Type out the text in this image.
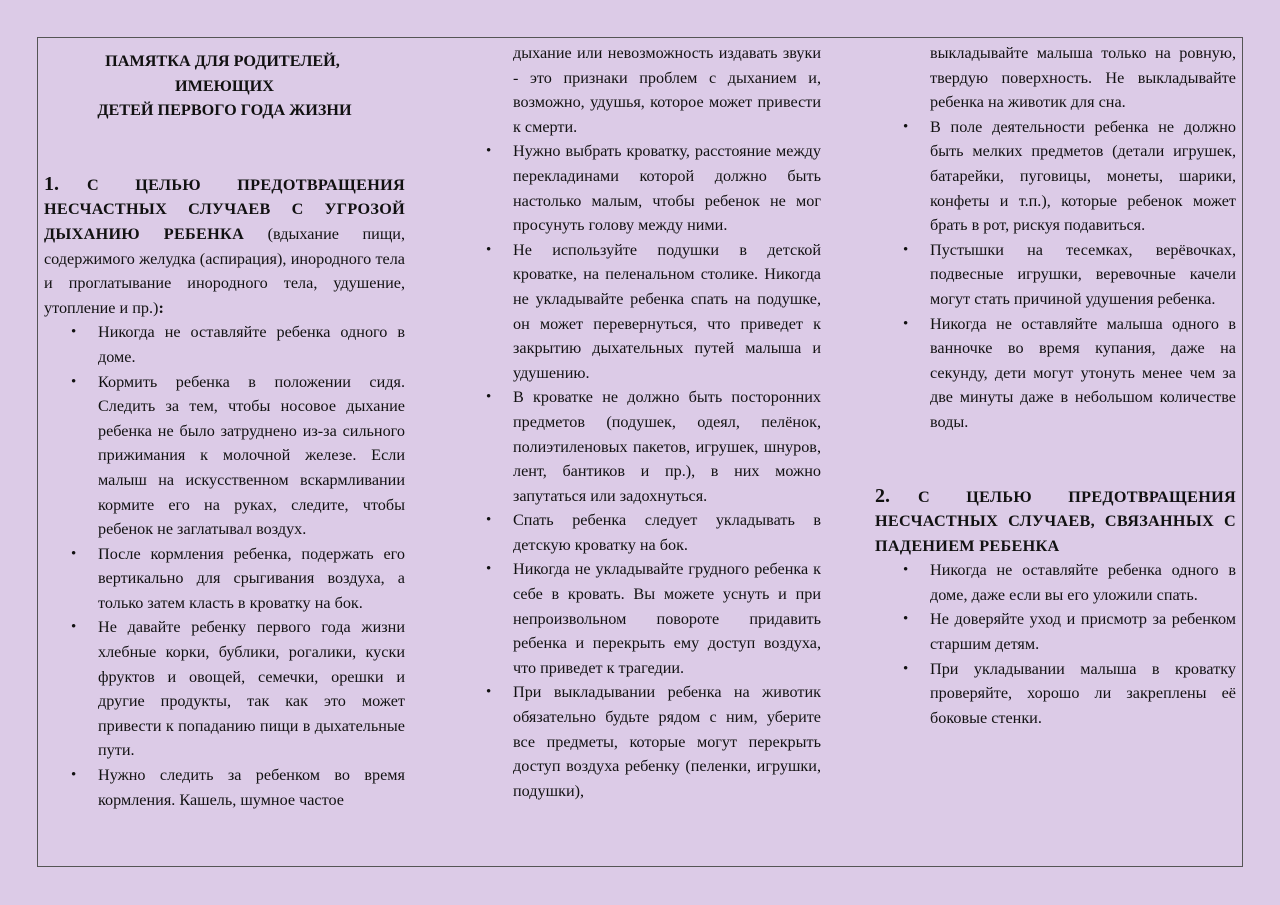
ПАМЯТКА ДЛЯ РОДИТЕЛЕЙ,
ИМЕЮЩИХ
ДЕТЕЙ ПЕРВОГО ГОДА ЖИЗНИ

1. С ЦЕЛЬЮ ПРЕДОТВРАЩЕНИЯ НЕСЧАСТНЫХ СЛУЧАЕВ С УГРОЗОЙ ДЫХАНИЮ РЕБЕНКА (вдыхание пищи, содержимого желудка (аспирация), инородного тела и проглатывание инородного тела, удушение, утопление и пр.):

• Никогда не оставляйте ребенка одного в доме.
• Кормить ребенка в положении сидя. Следить за тем, чтобы носовое дыхание ребенка не было затруднено из-за сильного прижимания к молочной железе. Если малыш на искусственном вскармливании кормите его на руках, следите, чтобы ребенок не заглатывал воздух.
• После кормления ребенка, подержать его вертикально для срыгивания воздуха, а только затем класть в кроватку на бок.
• Не давайте ребенку первого года жизни хлебные корки, бублики, рогалики, куски фруктов и овощей, семечки, орешки и другие продукты, так как это может привести к попаданию пищи в дыхательные пути.
• Нужно следить за ребенком во время кормления. Кашель, шумное частое
дыхание или невозможность издавать звуки - это признаки проблем с дыханием и, возможно, удушья, которое может привести к смерти.
• Нужно выбрать кроватку, расстояние между перекладинами которой должно быть настолько малым, чтобы ребенок не мог просунуть голову между ними.
• Не используйте подушки в детской кроватке, на пеленальном столике. Никогда не укладывайте ребенка спать на подушке, он может перевернуться, что приведет к закрытию дыхательных путей малыша и удушению.
• В кроватке не должно быть посторонних предметов (подушек, одеял, пелёнок, полиэтиленовых пакетов, игрушек, шнуров, лент, бантиков и пр.), в них можно запутаться или задохнуться.
• Спать ребенка следует укладывать в детскую кроватку на бок.
• Никогда не укладывайте грудного ребенка к себе в кровать. Вы можете уснуть и при непроизвольном повороте придавить ребенка и перекрыть ему доступ воздуха, что приведет к трагедии.
• При выкладывании ребенка на животик обязательно будьте рядом с ним, уберите все предметы, которые могут перекрыть доступ воздуха ребенку (пеленки, игрушки, подушки),
выкладывайте малыша только на ровную, твердую поверхность. Не выкладывайте ребенка на животик для сна.
• В поле деятельности ребенка не должно быть мелких предметов (детали игрушек, батарейки, пуговицы, монеты, шарики, конфеты и т.п.), которые ребенок может брать в рот, рискуя подавиться.
• Пустышки на тесемках, верёвочках, подвесные игрушки, веревочные качели могут стать причиной удушения ребенка.
• Никогда не оставляйте малыша одного в ванночке во время купания, даже на секунду, дети могут утонуть менее чем за две минуты даже в небольшом количестве воды.

2. С ЦЕЛЬЮ ПРЕДОТВРАЩЕНИЯ НЕСЧАСТНЫХ СЛУЧАЕВ, СВЯЗАННЫХ С ПАДЕНИЕМ РЕБЕНКА

• Никогда не оставляйте ребенка одного в доме, даже если вы его уложили спать.
• Не доверяйте уход и присмотр за ребенком старшим детям.
• При укладывании малыша в кроватку проверяйте, хорошо ли закреплены её боковые стенки.
